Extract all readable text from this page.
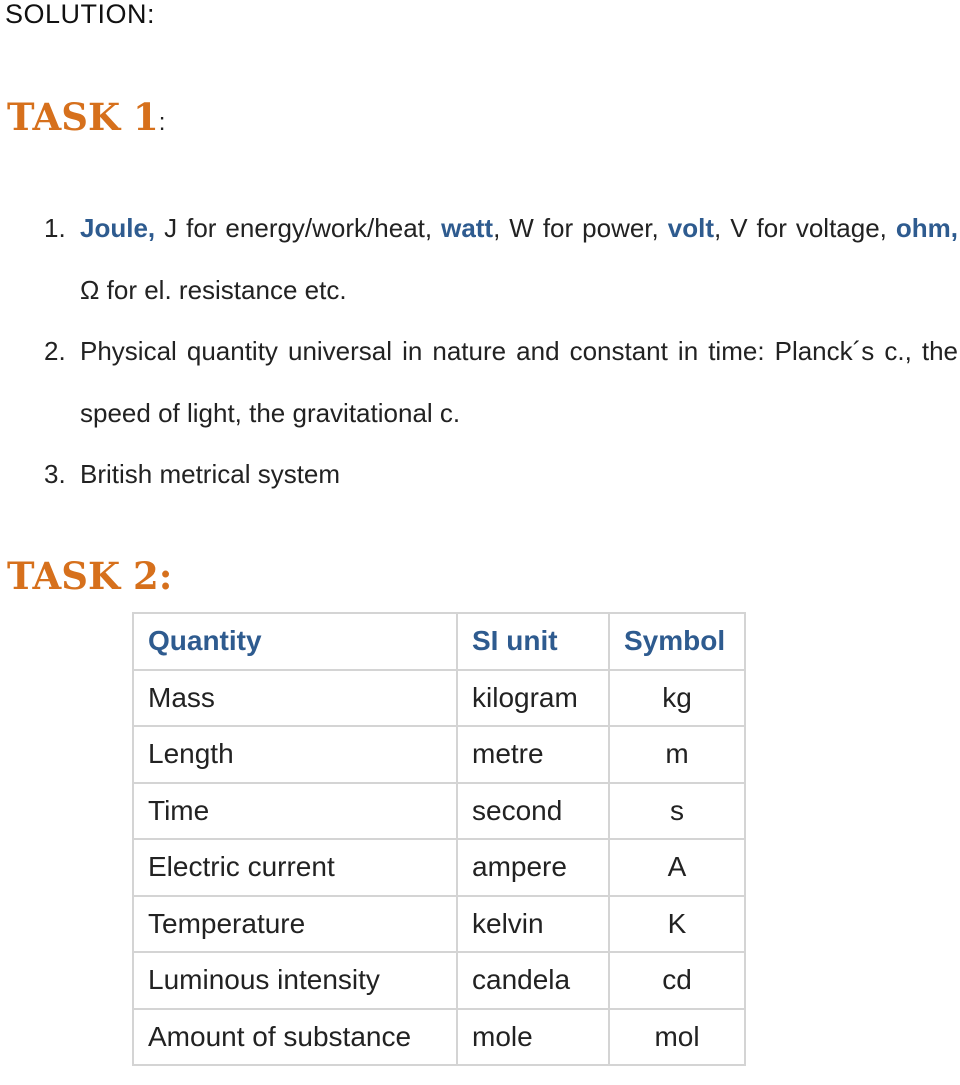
SOLUTION:
TASK 1:
1. Joule, J for energy/work/heat, watt, W for power, volt, V for voltage, ohm, Ω for el. resistance etc.
2. Physical quantity universal in nature and constant in time: Planck´s c., the speed of light, the gravitational c.
3. British metrical system
TASK 2:
Quantity	SI unit	Symbol
Mass	kilogram	kg
Length	metre	m
Time	second	s
Electric current	ampere	A
Temperature	kelvin	K
Luminous intensity	candela	cd
Amount of substance	mole	mol
